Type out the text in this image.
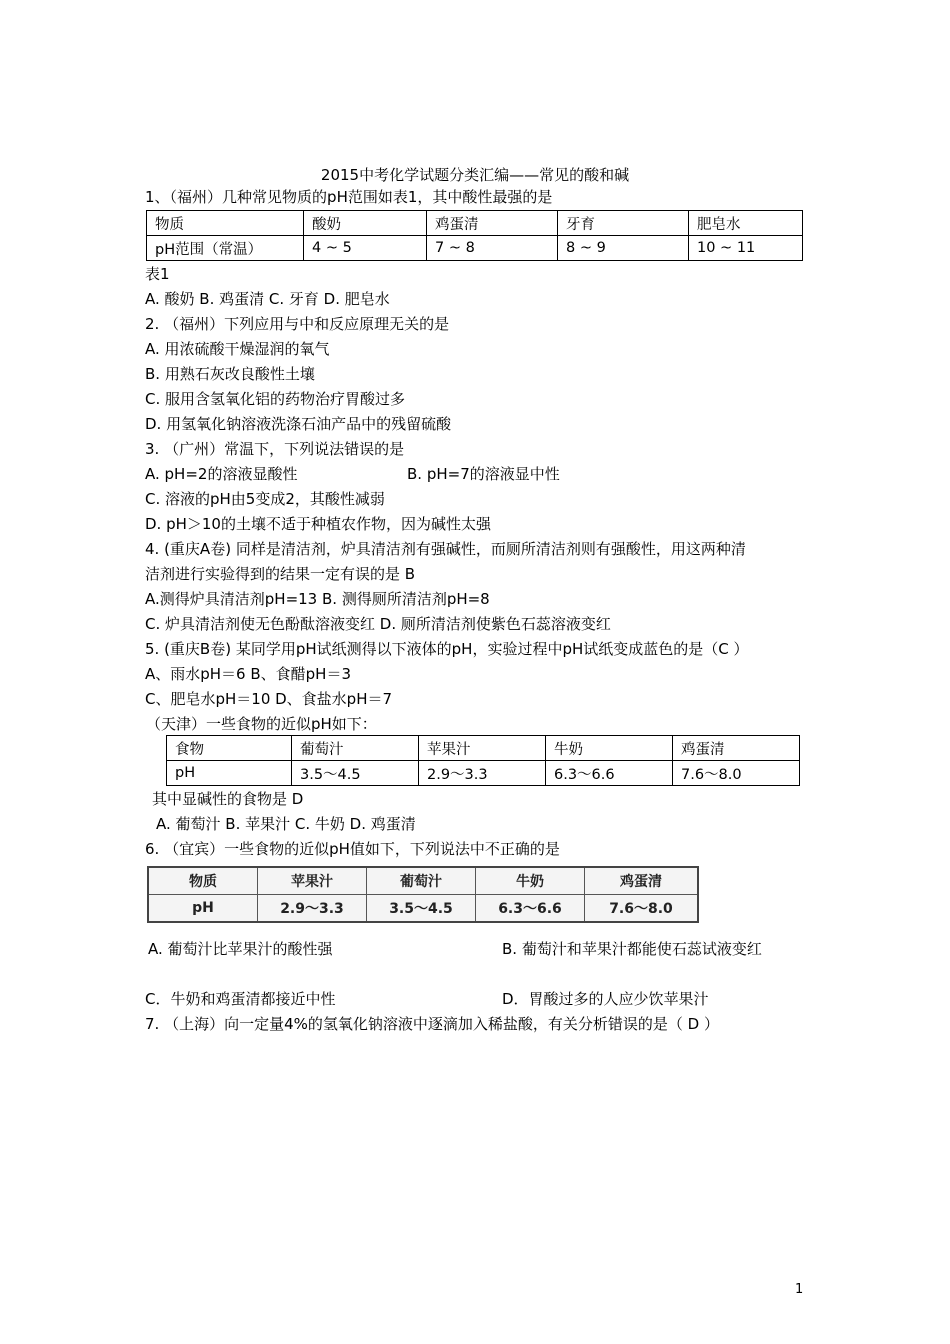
2015中考化学试题分类汇编——常见的酸和碱
1、（福州）几种常见物质的pH范围如表1，其中酸性最强的是
物质	酸奶	鸡蛋清	牙育	肥皂水
pH范围（常温）	4 ~ 5	7 ~ 8	8 ~ 9	10 ~ 11
表1
A. 酸奶 B. 鸡蛋清 C. 牙育 D. 肥皂水
2. （福州）下列应用与中和反应原理无关的是
A. 用浓硫酸干燥湿润的氧气
B. 用熟石灰改良酸性土壤
C. 服用含氢氧化铝的药物治疗胃酸过多
D. 用氢氧化钠溶液洗涤石油产品中的残留硫酸
3. （广州）常温下，下列说法错误的是
A. pH=2的溶液显酸性	B. pH=7的溶液显中性
C. 溶液的pH由5变成2，其酸性减弱
D. pH＞10的土壤不适于种植农作物，因为碱性太强
4. (重庆A卷) 同样是清洁剂，炉具清洁剂有强碱性，而厕所清洁剂则有强酸性，用这两种清
洁剂进行实验得到的结果一定有误的是 B
A.测得炉具清洁剂pH=13 B. 测得厕所清洁剂pH=8
C. 炉具清洁剂使无色酚酞溶液变红 D. 厕所清洁剂使紫色石蕊溶液变红
5. (重庆B卷) 某同学用pH试纸测得以下液体的pH，实验过程中pH试纸变成蓝色的是（C ）
A、雨水pH＝6 B、食醋pH＝3
C、肥皂水pH＝10 D、食盐水pH＝7
（天津）一些食物的近似pH如下：
食物	葡萄汁	苹果汁	牛奶	鸡蛋清
pH	3.5～4.5	2.9～3.3	6.3～6.6	7.6～8.0
其中显碱性的食物是 D
A. 葡萄汁 B. 苹果汁 C. 牛奶 D. 鸡蛋清
6. （宜宾）一些食物的近似pH值如下，下列说法中不正确的是
物质	苹果汁	葡萄汁	牛奶	鸡蛋清
pH	2.9～3.3	3.5～4.5	6.3～6.6	7.6～8.0
A. 葡萄汁比苹果汁的酸性强	B. 葡萄汁和苹果汁都能使石蕊试液变红
C．牛奶和鸡蛋清都接近中性	D．胃酸过多的人应少饮苹果汁
7. （上海）向一定量4%的氢氧化钠溶液中逐滴加入稀盐酸，有关分析错误的是（ D ）
1
